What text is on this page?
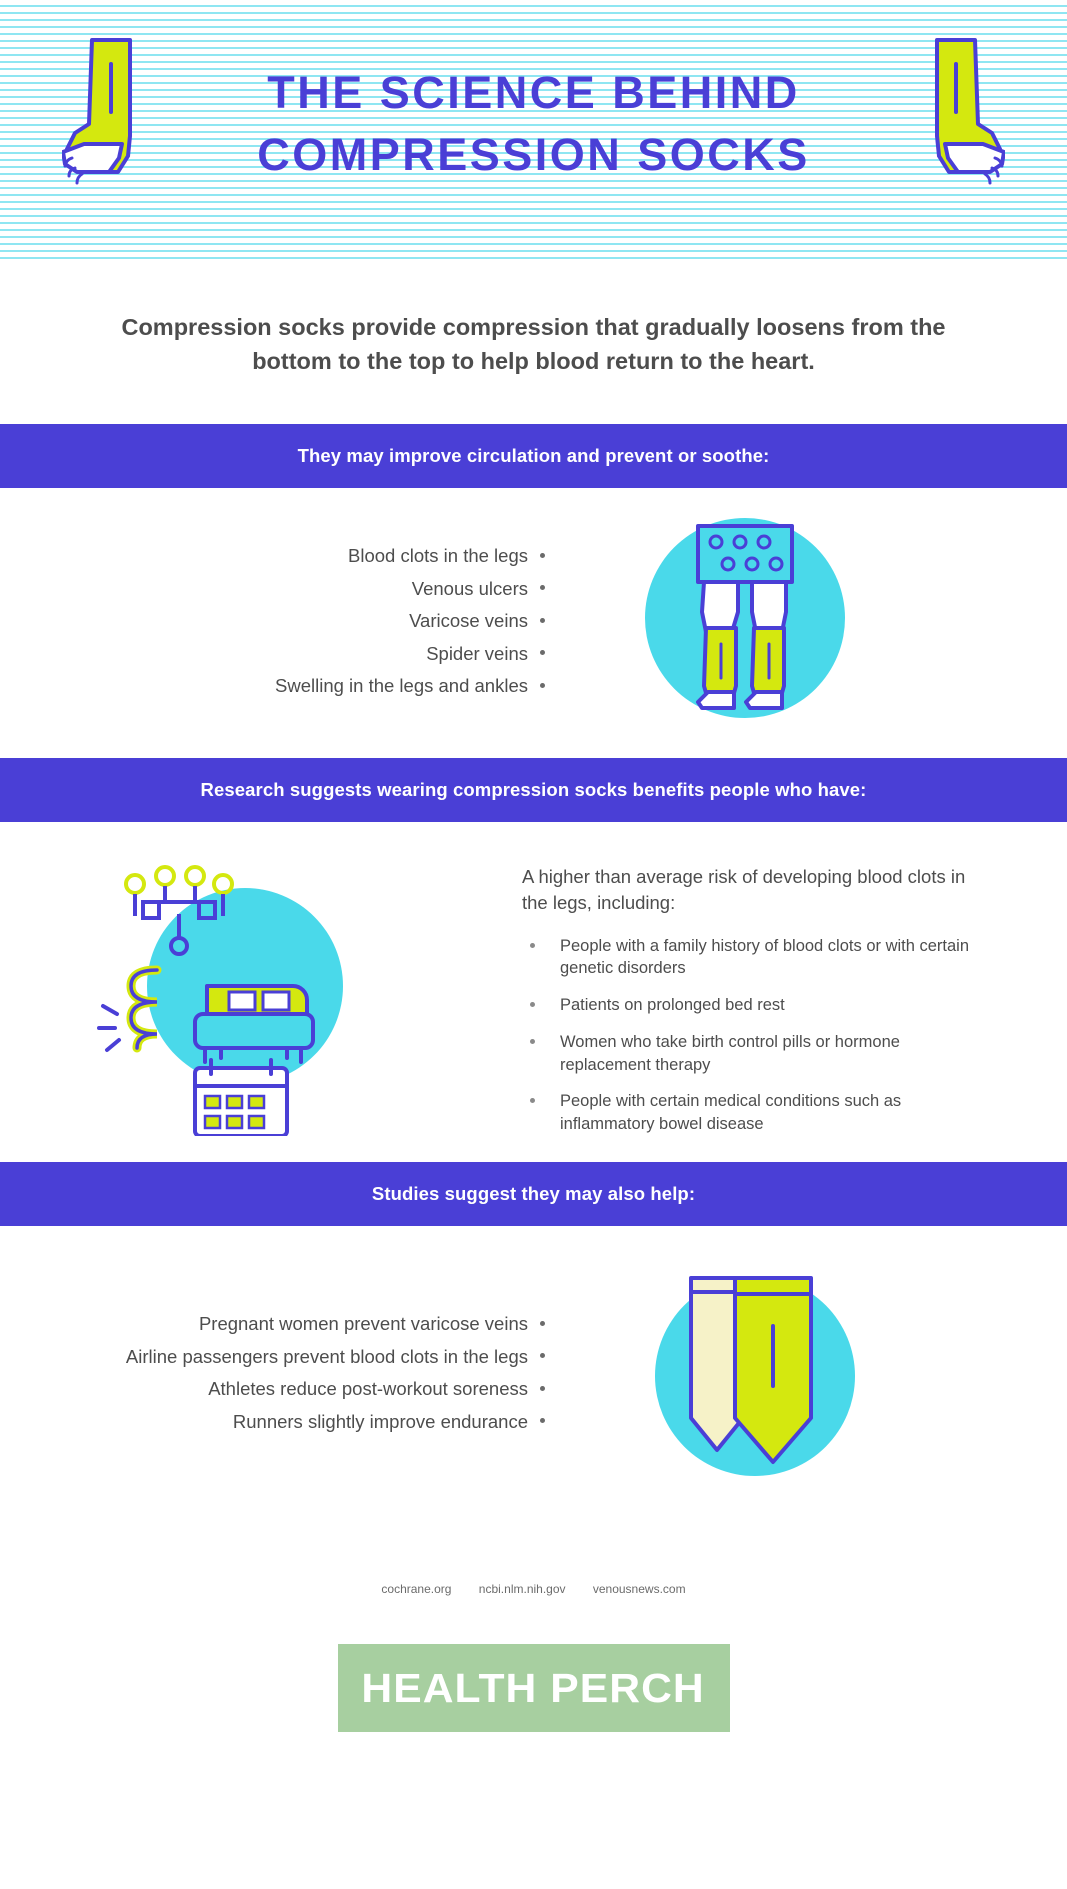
THE SCIENCE BEHIND
COMPRESSION SOCKS
Compression socks provide compression that gradually loosens from the bottom to the top to help blood return to the heart.
They may improve circulation and prevent or soothe:
Blood clots in the legs
Venous ulcers
Varicose veins
Spider veins
Swelling in the legs and ankles
Research suggests wearing compression socks benefits people who have:

A higher than average risk of developing blood clots in the legs, including:

People with a family history of blood clots or with certain genetic disorders
Patients on prolonged bed rest
Women who take birth control pills or hormone replacement therapy
People with certain medical conditions such as inflammatory bowel disease
Studies suggest they may also help:
Pregnant women prevent varicose veins
Airline passengers prevent blood clots in the legs
Athletes reduce post-workout soreness
Runners slightly improve endurance
cochrane.org ncbi.nlm.nih.gov venousnews.com
HEALTH PERCH
